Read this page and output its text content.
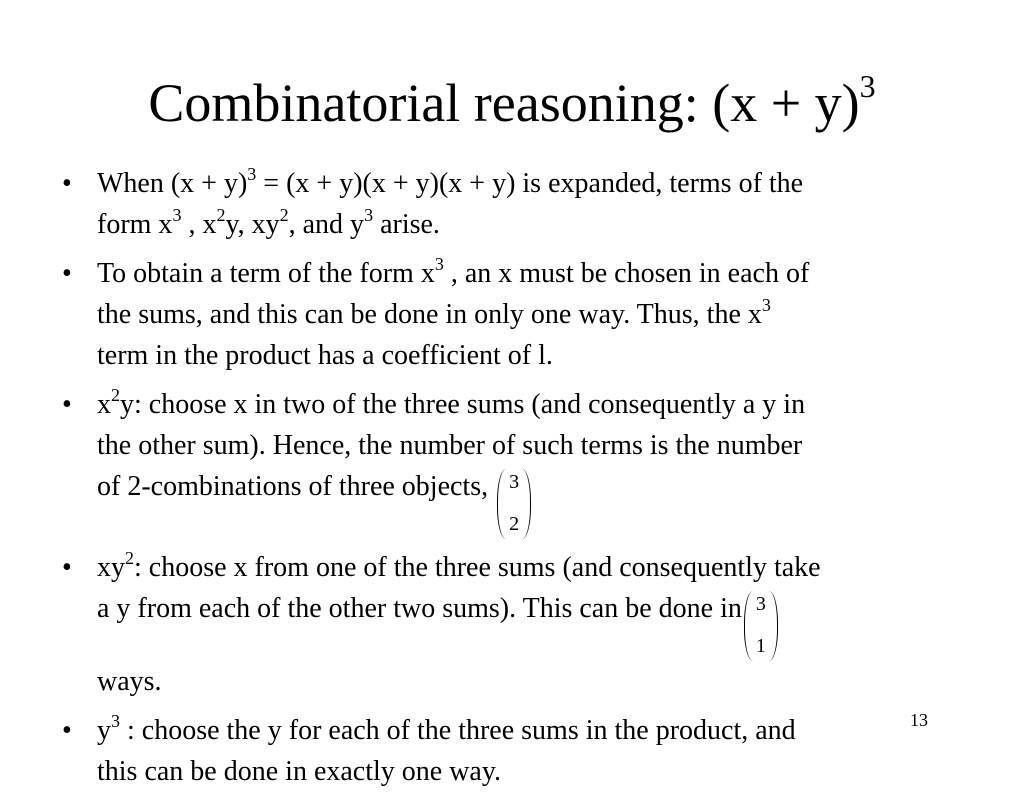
Combinatorial reasoning: $(x + y)^3$
• When $(x + y)^3 = (x + y)(x + y)(x + y)$ is expanded, terms of the
form $x^3$ , $x^2y$, $xy^2$, and $y^3$ arise.
• To obtain a term of the form $x^3$ , an x must be chosen in each of
the sums, and this can be done in only one way. Thus, the $x^3$
term in the product has a coefficient of l.
• $x^2y$: choose x in two of the three sums (and consequently a y in
the other sum). Hence, the number of such terms is the number
of 2-combinations of three objects, 3
2
• $xy^2$: choose x from one of the three sums (and consequently take
a y from each of the other two sums). This can be done in 3
1
ways.
• $y^3$ : choose the y for each of the three sums in the product, and
this can be done in exactly one way.
13
